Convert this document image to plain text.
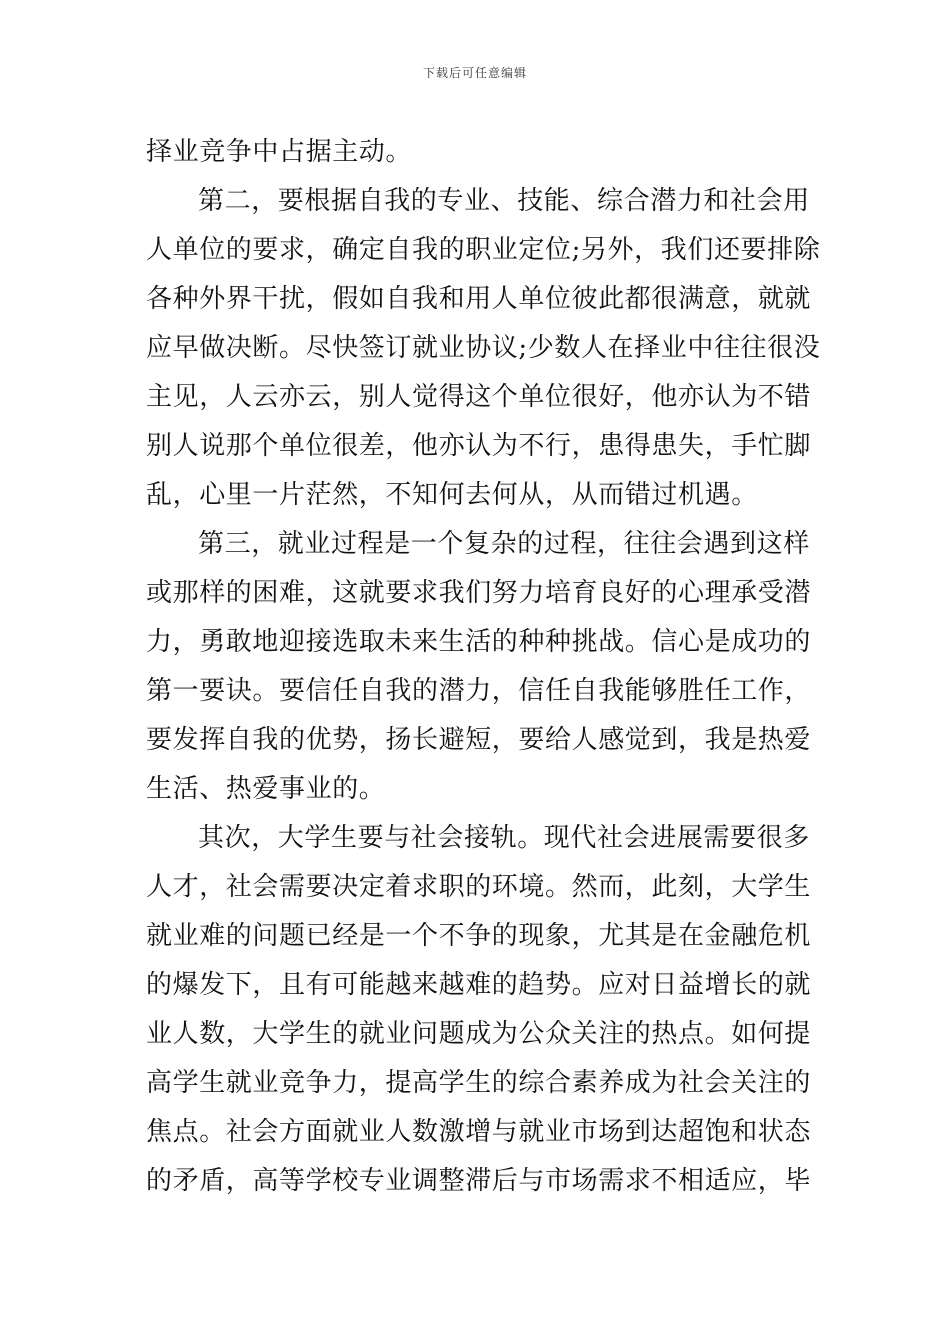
下载后可任意编辑
择业竞争中占据主动。
第二，要根据自我的专业、技能、综合潜力和社会用
人单位的要求，确定自我的职业定位;另外，我们还要排除
各种外界干扰，假如自我和用人单位彼此都很满意，就就
应早做决断。尽快签订就业协议;少数人在择业中往往很没
主见，人云亦云，别人觉得这个单位很好，他亦认为不错
别人说那个单位很差，他亦认为不行，患得患失，手忙脚
乱，心里一片茫然，不知何去何从，从而错过机遇。
第三，就业过程是一个复杂的过程，往往会遇到这样
或那样的困难，这就要求我们努力培育良好的心理承受潜
力，勇敢地迎接选取未来生活的种种挑战。信心是成功的
第一要诀。要信任自我的潜力，信任自我能够胜任工作，
要发挥自我的优势，扬长避短，要给人感觉到，我是热爱
生活、热爱事业的。
其次，大学生要与社会接轨。现代社会进展需要很多
人才，社会需要决定着求职的环境。然而，此刻，大学生
就业难的问题已经是一个不争的现象，尤其是在金融危机
的爆发下，且有可能越来越难的趋势。应对日益增长的就
业人数，大学生的就业问题成为公众关注的热点。如何提
高学生就业竞争力，提高学生的综合素养成为社会关注的
焦点。社会方面就业人数激增与就业市场到达超饱和状态
的矛盾，高等学校专业调整滞后与市场需求不相适应，毕
